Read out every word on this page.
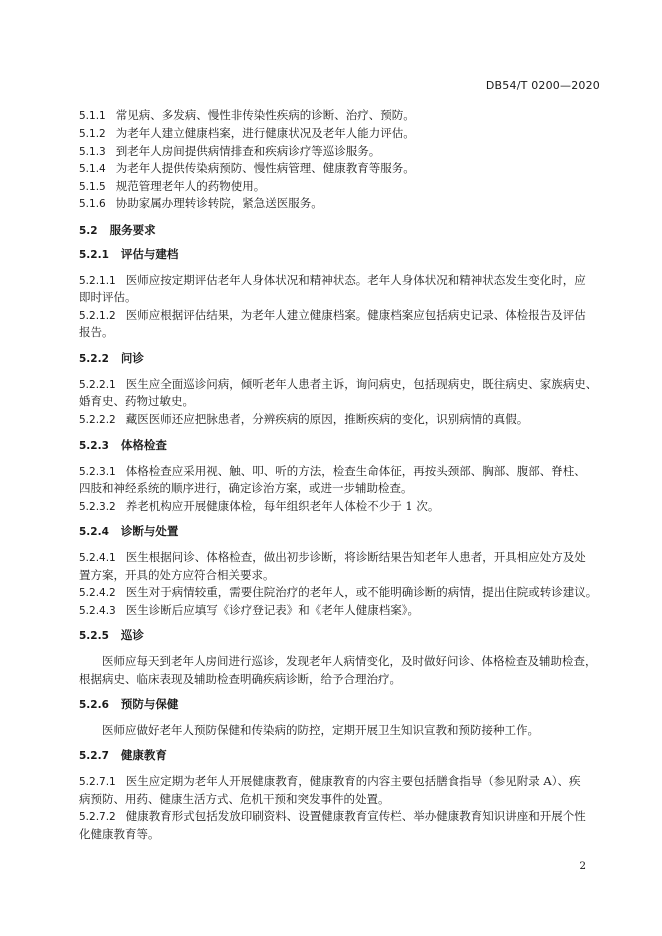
DB54/T 0200—2020
5.1.1 常见病、多发病、慢性非传染性疾病的诊断、治疗、预防。
5.1.2 为老年人建立健康档案，进行健康状况及老年人能力评估。
5.1.3 到老年人房间提供病情排查和疾病诊疗等巡诊服务。
5.1.4 为老年人提供传染病预防、慢性病管理、健康教育等服务。
5.1.5 规范管理老年人的药物使用。
5.1.6 协助家属办理转诊转院，紧急送医服务。
5.2 服务要求
5.2.1 评估与建档
5.2.1.1 医师应按定期评估老年人身体状况和精神状态。老年人身体状况和精神状态发生变化时，应
即时评估。
5.2.1.2 医师应根据评估结果，为老年人建立健康档案。健康档案应包括病史记录、体检报告及评估
报告。
5.2.2 问诊
5.2.2.1 医生应全面巡诊问病，倾听老年人患者主诉，询问病史，包括现病史，既往病史、家族病史、
婚育史、药物过敏史。
5.2.2.2 藏医医师还应把脉患者，分辨疾病的原因，推断疾病的变化，识别病情的真假。
5.2.3 体格检查
5.2.3.1 体格检查应采用视、触、叩、听的方法，检查生命体征，再按头颈部、胸部、腹部、脊柱、
四肢和神经系统的顺序进行，确定诊治方案，或进一步辅助检查。
5.2.3.2 养老机构应开展健康体检，每年组织老年人体检不少于 1 次。
5.2.4 诊断与处置
5.2.4.1 医生根据问诊、体格检查，做出初步诊断，将诊断结果告知老年人患者，开具相应处方及处
置方案，开具的处方应符合相关要求。
5.2.4.2 医生对于病情较重，需要住院治疗的老年人，或不能明确诊断的病情，提出住院或转诊建议。
5.2.4.3 医生诊断后应填写《诊疗登记表》和《老年人健康档案》。
5.2.5 巡诊
医师应每天到老年人房间进行巡诊，发现老年人病情变化，及时做好问诊、体格检查及辅助检查，
根据病史、临床表现及辅助检查明确疾病诊断，给予合理治疗。
5.2.6 预防与保健
医师应做好老年人预防保健和传染病的防控，定期开展卫生知识宣教和预防接种工作。
5.2.7 健康教育
5.2.7.1 医生应定期为老年人开展健康教育，健康教育的内容主要包括膳食指导（参见附录 A）、疾
病预防、用药、健康生活方式、危机干预和突发事件的处置。
5.2.7.2 健康教育形式包括发放印刷资料、设置健康教育宣传栏、举办健康教育知识讲座和开展个性
化健康教育等。
2
